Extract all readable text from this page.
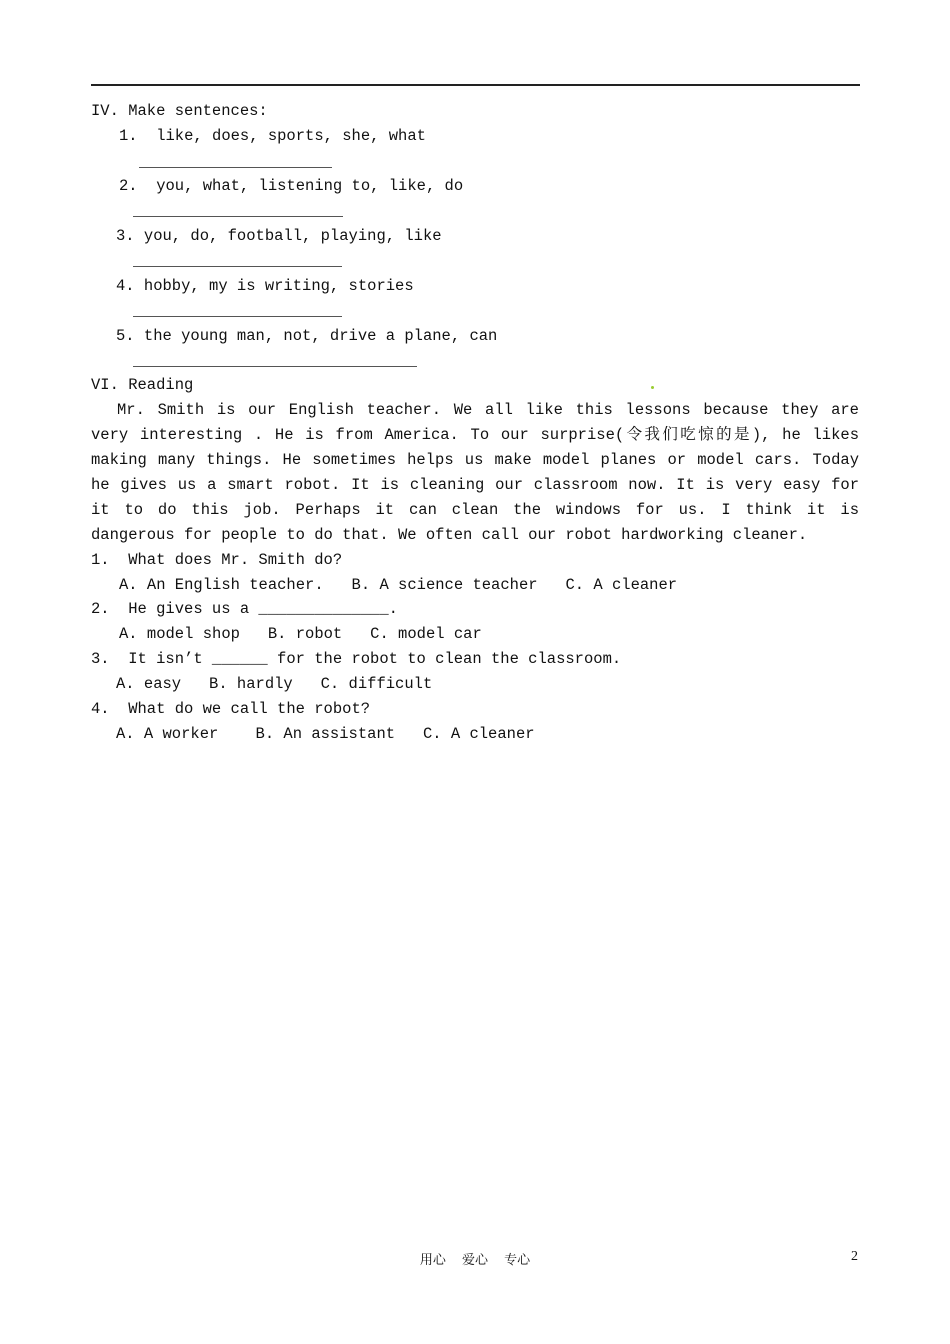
IV. Make sentences:
1.  like, does, sports, she, what
2.  you, what, listening to, like, do
3. you, do, football, playing, like
4. hobby, my is writing, stories
5. the young man, not, drive a plane, can
VI. Reading
Mr. Smith is our English teacher. We all like this lessons because they are very interesting . He is from America. To our surprise(令我们吃惊的是), he likes making many things. He sometimes helps us make model planes or model cars. Today he gives us a smart robot. It is cleaning our classroom now. It is very easy for it to do this job. Perhaps it can clean the windows for us. I think it is dangerous for people to do that. We often call our robot hardworking cleaner.
1.  What does Mr. Smith do?
A. An English teacher.   B. A science teacher   C. A cleaner
2.  He gives us a ______________.
A. model shop   B. robot   C. model car
3.  It isn’t ______ for the robot to clean the classroom.
A. easy   B. hardly   C. difficult
4.  What do we call the robot?
A. A worker    B. An assistant   C. A cleaner
用心 爱心 专心	2
